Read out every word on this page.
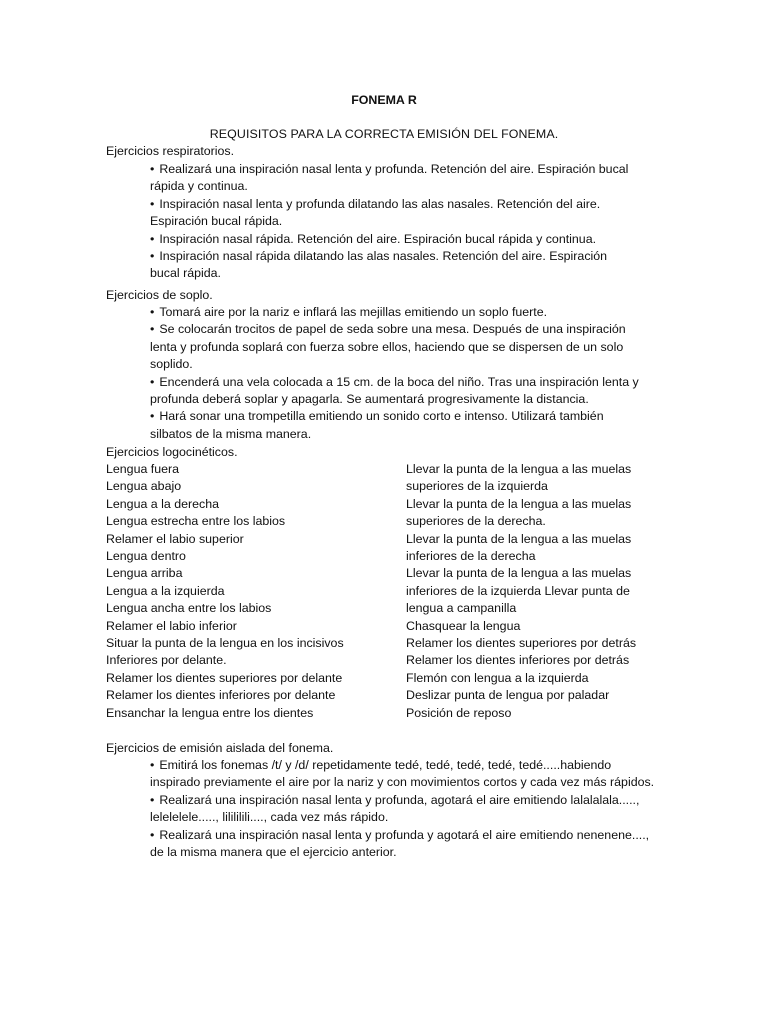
FONEMA R
REQUISITOS PARA LA CORRECTA EMISIÓN DEL FONEMA.
Ejercicios respiratorios.
• Realizará una inspiración nasal lenta y profunda. Retención del aire. Espiración bucal rápida y continua.
• Inspiración nasal lenta y profunda dilatando las alas nasales. Retención del aire. Espiración bucal rápida.
• Inspiración nasal rápida. Retención del aire. Espiración bucal rápida y continua.
• Inspiración nasal rápida dilatando las alas nasales. Retención del aire. Espiración bucal rápida.
Ejercicios de soplo.
• Tomará aire por la nariz e inflará las mejillas emitiendo un soplo fuerte.
• Se colocarán trocitos de papel de seda sobre una mesa. Después de una inspiración lenta y profunda soplará con fuerza sobre ellos, haciendo que se dispersen de un solo soplido.
• Encenderá una vela colocada a 15 cm. de la boca del niño. Tras una inspiración lenta y profunda deberá soplar y apagarla. Se aumentará progresivamente la distancia.
• Hará sonar una trompetilla emitiendo un sonido corto e intenso. Utilizará también silbatos de la misma manera.
Ejercicios logocinéticos.
Lengua fuera
Lengua abajo
Lengua a la derecha
Lengua estrecha entre los labios
Relamer el labio superior
Lengua dentro
Lengua arriba
Lengua a la izquierda
Lengua ancha entre los labios
Relamer el labio inferior
Situar la punta de la lengua en los incisivos
Inferiores por delante.
Relamer los dientes superiores por delante
Relamer los dientes inferiores por delante
Ensanchar la lengua entre los dientes
Llevar la punta de la lengua a las muelas superiores de la izquierda
Llevar la punta de la lengua a las muelas superiores de la derecha.
Llevar la punta de la lengua a las muelas inferiores de la derecha
Llevar la punta de la lengua a las muelas inferiores de la izquierda Llevar punta de lengua a campanilla
Chasquear la lengua
Relamer los dientes superiores por detrás
Relamer los dientes inferiores por detrás
Flemón con lengua a la izquierda
Deslizar punta de lengua por paladar
Posición de reposo
Ejercicios de emisión aislada del fonema.
• Emitirá los fonemas /t/ y /d/ repetidamente tedé, tedé, tedé, tedé, tedé.....habiendo inspirado previamente el aire por la nariz y con movimientos cortos y cada vez más rápidos.
• Realizará una inspiración nasal lenta y profunda, agotará el aire emitiendo lalalalala....., lelelelele....., lilililili...., cada vez más rápido.
• Realizará una inspiración nasal lenta y profunda y agotará el aire emitiendo nenenene...., de la misma manera que el ejercicio anterior.
